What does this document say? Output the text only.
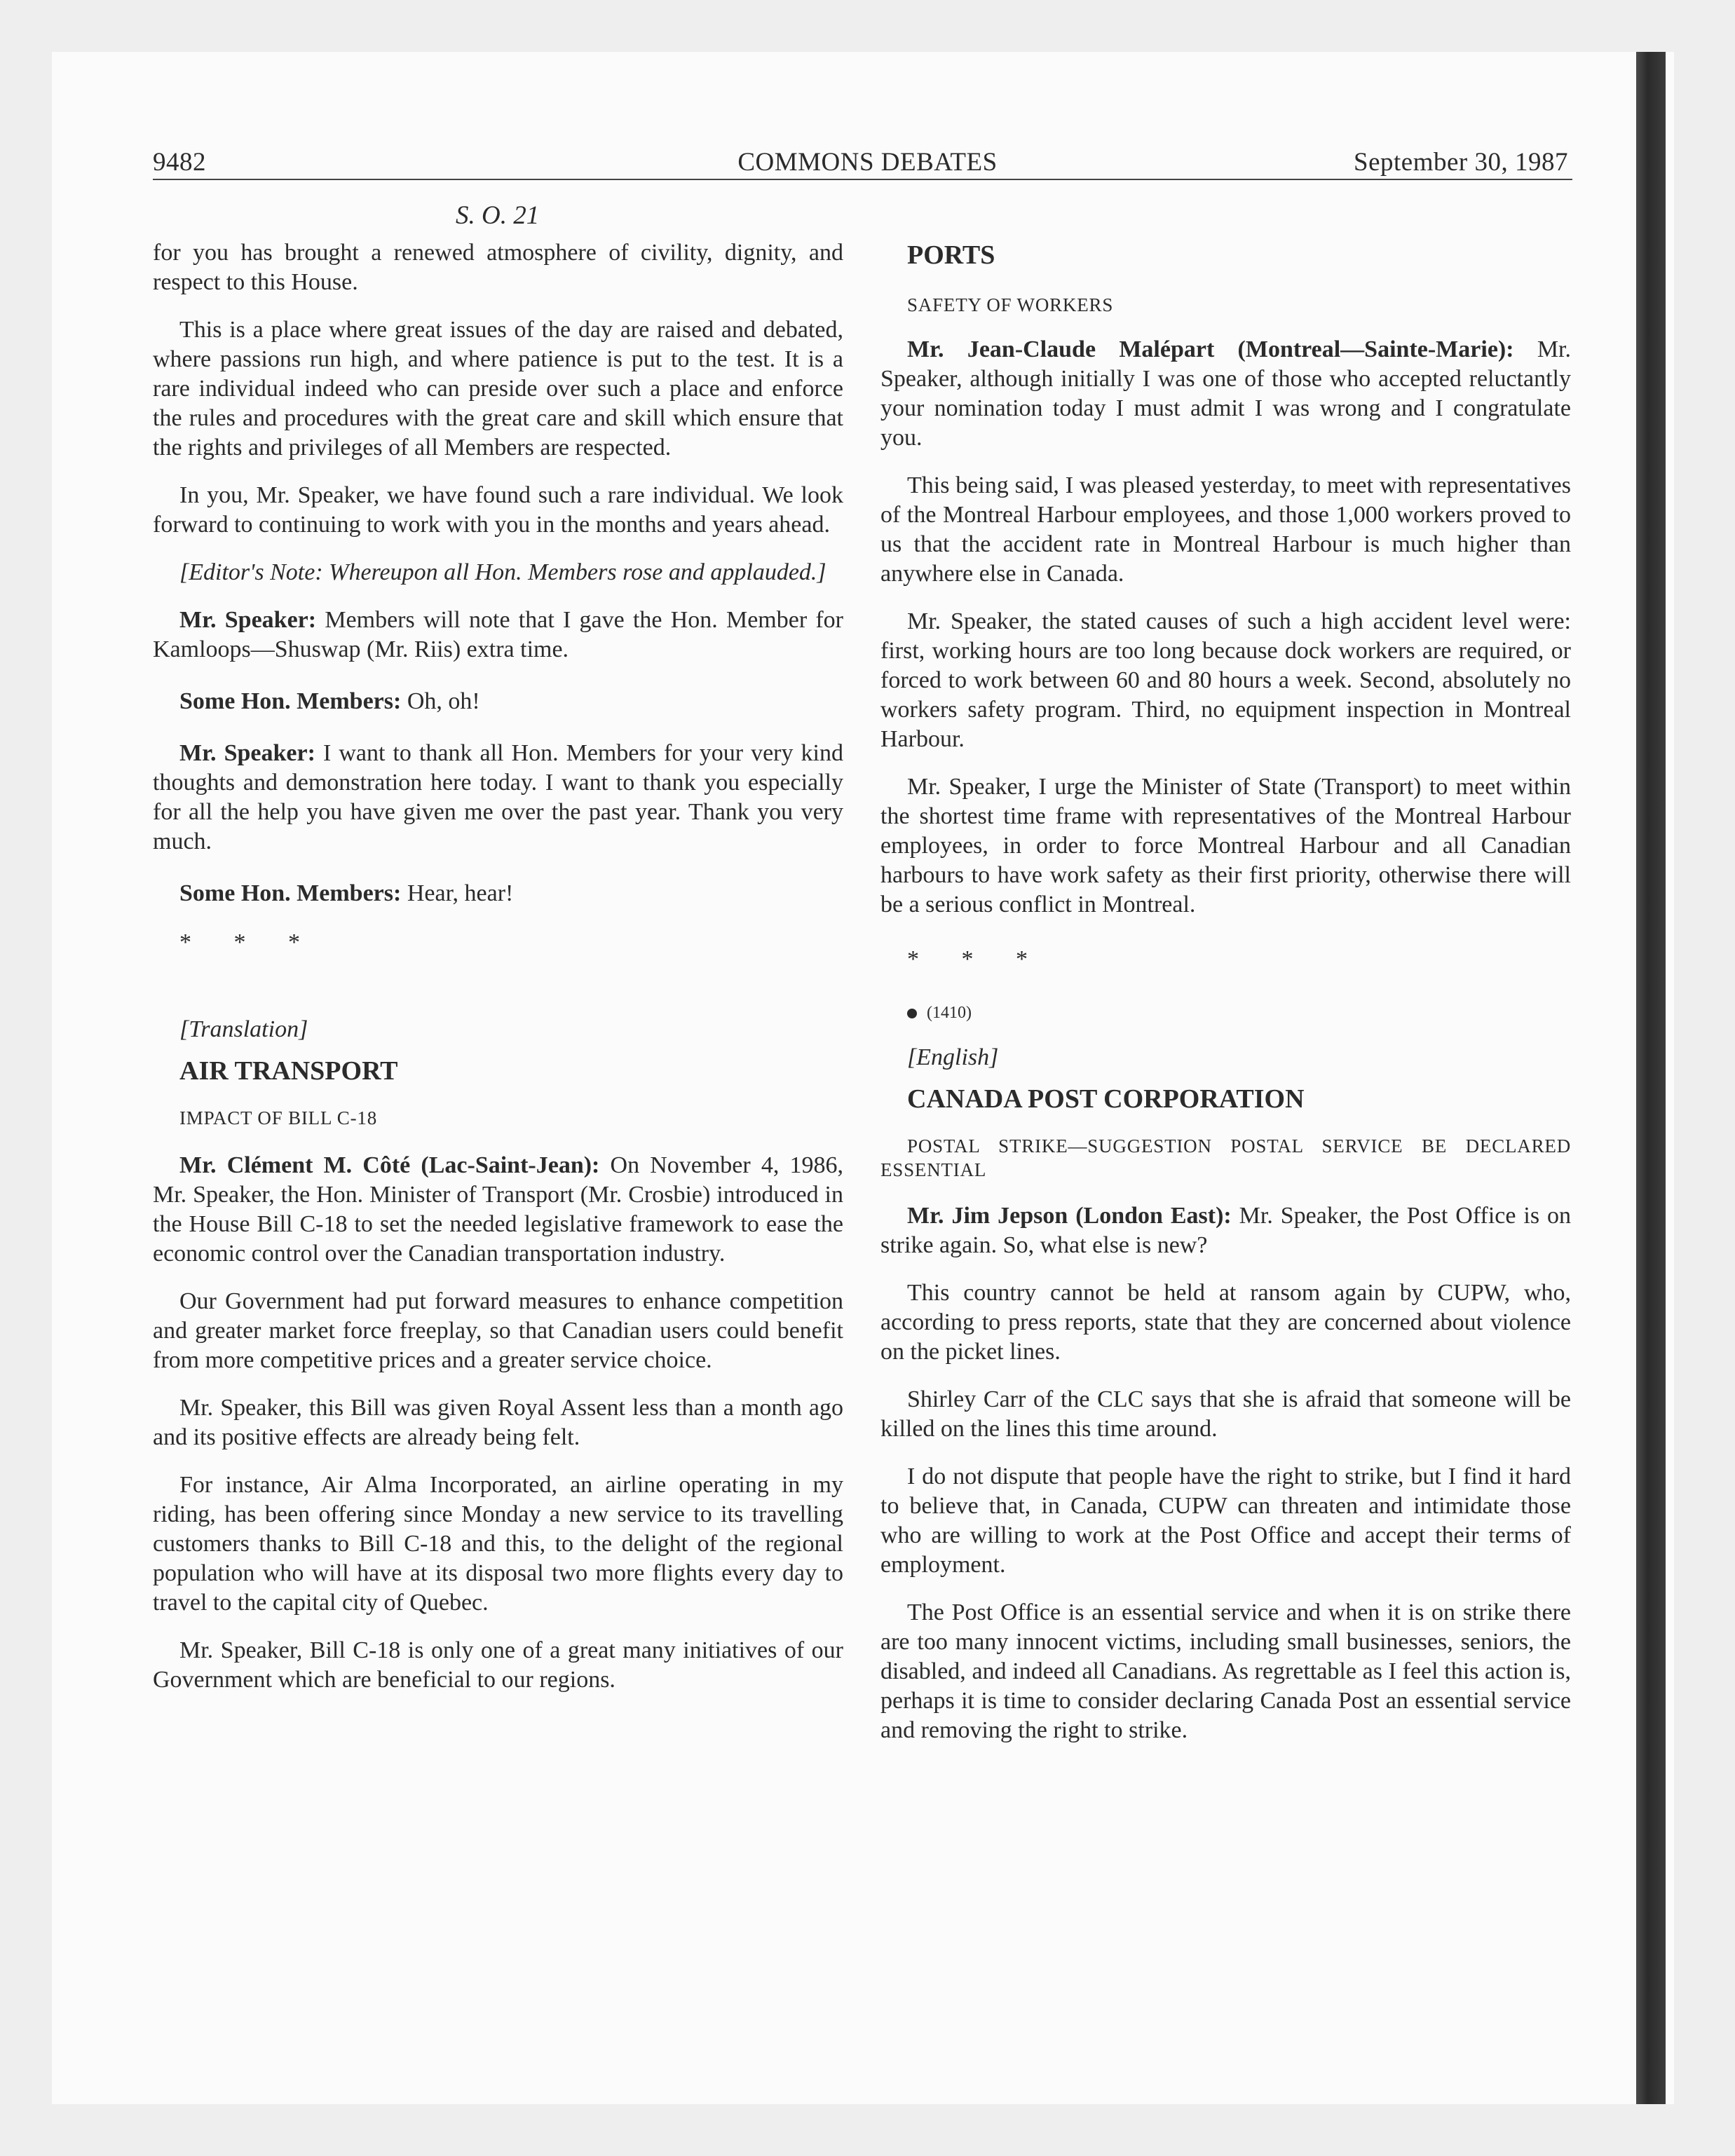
9482	COMMONS DEBATES	September 30, 1987
S. O. 21

for you has brought a renewed atmosphere of civility, dignity, and respect to this House.

This is a place where great issues of the day are raised and debated, where passions run high, and where patience is put to the test. It is a rare individual indeed who can preside over such a place and enforce the rules and procedures with the great care and skill which ensure that the rights and privileges of all Members are respected.

In you, Mr. Speaker, we have found such a rare individual. We look forward to continuing to work with you in the months and years ahead.

[Editor's Note: Whereupon all Hon. Members rose and applauded.]

Mr. Speaker: Members will note that I gave the Hon. Member for Kamloops—Shuswap (Mr. Riis) extra time.

Some Hon. Members: Oh, oh!

Mr. Speaker: I want to thank all Hon. Members for your very kind thoughts and demonstration here today. I want to thank you especially for all the help you have given me over the past year. Thank you very much.

Some Hon. Members: Hear, hear!

* * *

[Translation]

AIR TRANSPORT

IMPACT OF BILL C-18

Mr. Clément M. Côté (Lac-Saint-Jean): On November 4, 1986, Mr. Speaker, the Hon. Minister of Transport (Mr. Crosbie) introduced in the House Bill C-18 to set the needed legislative framework to ease the economic control over the Canadian transportation industry.

Our Government had put forward measures to enhance competition and greater market force freeplay, so that Canadian users could benefit from more competitive prices and a greater service choice.

Mr. Speaker, this Bill was given Royal Assent less than a month ago and its positive effects are already being felt.

For instance, Air Alma Incorporated, an airline operating in my riding, has been offering since Monday a new service to its travelling customers thanks to Bill C-18 and this, to the delight of the regional population who will have at its disposal two more flights every day to travel to the capital city of Quebec.

Mr. Speaker, Bill C-18 is only one of a great many initiatives of our Government which are beneficial to our regions.

PORTS

SAFETY OF WORKERS

Mr. Jean-Claude Malépart (Montreal—Sainte-Marie): Mr. Speaker, although initially I was one of those who accepted reluctantly your nomination today I must admit I was wrong and I congratulate you.

This being said, I was pleased yesterday, to meet with representatives of the Montreal Harbour employees, and those 1,000 workers proved to us that the accident rate in Montreal Harbour is much higher than anywhere else in Canada.

Mr. Speaker, the stated causes of such a high accident level were: first, working hours are too long because dock workers are required, or forced to work between 60 and 80 hours a week. Second, absolutely no workers safety program. Third, no equipment inspection in Montreal Harbour.

Mr. Speaker, I urge the Minister of State (Transport) to meet within the shortest time frame with representatives of the Montreal Harbour employees, in order to force Montreal Harbour and all Canadian harbours to have work safety as their first priority, otherwise there will be a serious conflict in Montreal.

* * *

(1410)

[English]

CANADA POST CORPORATION

POSTAL STRIKE—SUGGESTION POSTAL SERVICE BE DECLARED ESSENTIAL

Mr. Jim Jepson (London East): Mr. Speaker, the Post Office is on strike again. So, what else is new?

This country cannot be held at ransom again by CUPW, who, according to press reports, state that they are concerned about violence on the picket lines.

Shirley Carr of the CLC says that she is afraid that someone will be killed on the lines this time around.

I do not dispute that people have the right to strike, but I find it hard to believe that, in Canada, CUPW can threaten and intimidate those who are willing to work at the Post Office and accept their terms of employment.

The Post Office is an essential service and when it is on strike there are too many innocent victims, including small businesses, seniors, the disabled, and indeed all Canadians. As regrettable as I feel this action is, perhaps it is time to consider declaring Canada Post an essential service and removing the right to strike.
